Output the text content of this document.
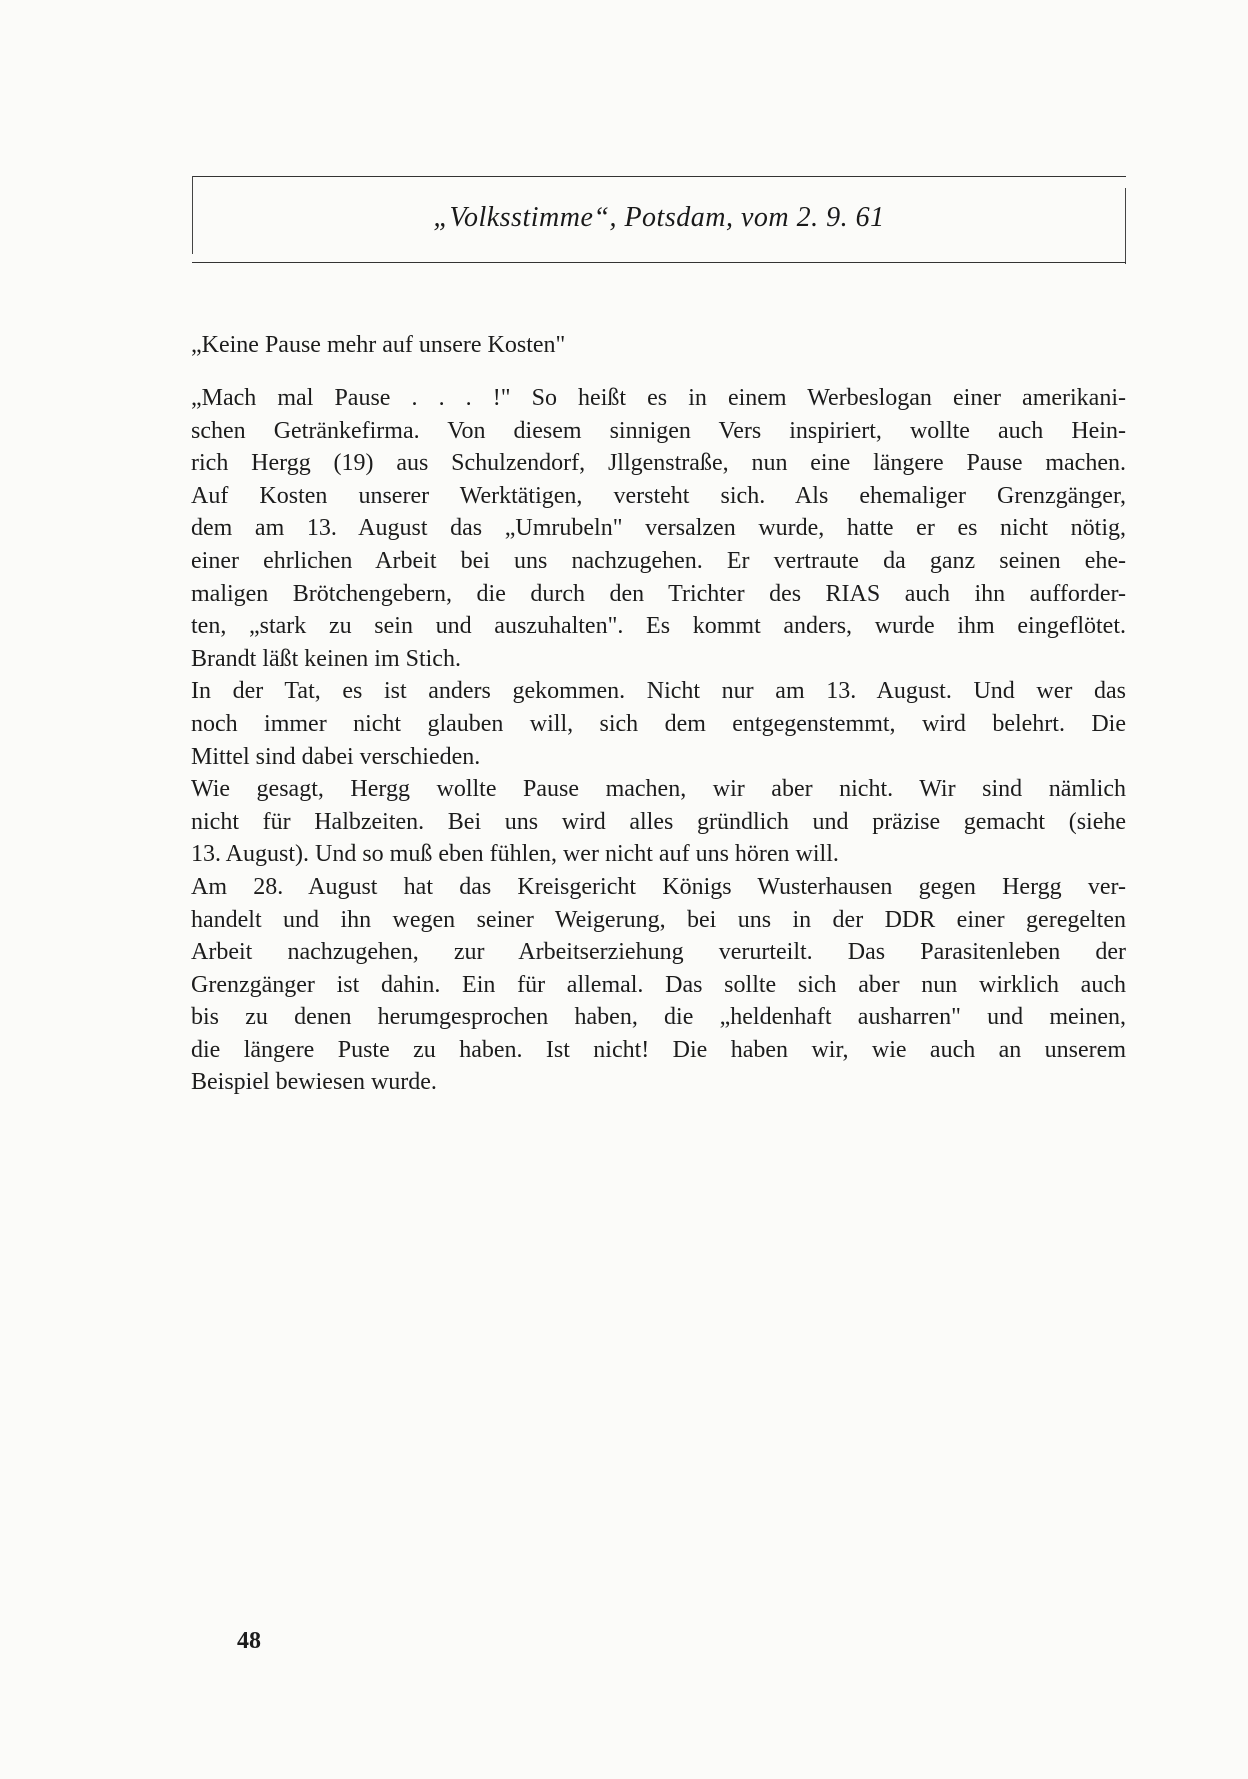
„Volksstimme“, Potsdam, vom 2. 9. 61
„Keine Pause mehr auf unsere Kosten"
„Mach mal Pause . . . !" So heißt es in einem Werbeslogan einer amerikani-
schen Getränkefirma. Von diesem sinnigen Vers inspiriert, wollte auch Hein-
rich Hergg (19) aus Schulzendorf, Jllgenstraße, nun eine längere Pause machen.
Auf Kosten unserer Werktätigen, versteht sich. Als ehemaliger Grenzgänger,
dem am 13. August das „Umrubeln" versalzen wurde, hatte er es nicht nötig,
einer ehrlichen Arbeit bei uns nachzugehen. Er vertraute da ganz seinen ehe-
maligen Brötchengebern, die durch den Trichter des RIAS auch ihn aufforder-
ten, „stark zu sein und auszuhalten". Es kommt anders, wurde ihm eingeflötet.
Brandt läßt keinen im Stich.
In der Tat, es ist anders gekommen. Nicht nur am 13. August. Und wer das
noch immer nicht glauben will, sich dem entgegenstemmt, wird belehrt. Die
Mittel sind dabei verschieden.
Wie gesagt, Hergg wollte Pause machen, wir aber nicht. Wir sind nämlich
nicht für Halbzeiten. Bei uns wird alles gründlich und präzise gemacht (siehe
13. August). Und so muß eben fühlen, wer nicht auf uns hören will.
Am 28. August hat das Kreisgericht Königs Wusterhausen gegen Hergg ver-
handelt und ihn wegen seiner Weigerung, bei uns in der DDR einer geregelten
Arbeit nachzugehen, zur Arbeitserziehung verurteilt. Das Parasitenleben der
Grenzgänger ist dahin. Ein für allemal. Das sollte sich aber nun wirklich auch
bis zu denen herumgesprochen haben, die „heldenhaft ausharren" und meinen,
die längere Puste zu haben. Ist nicht! Die haben wir, wie auch an unserem
Beispiel bewiesen wurde.
48
